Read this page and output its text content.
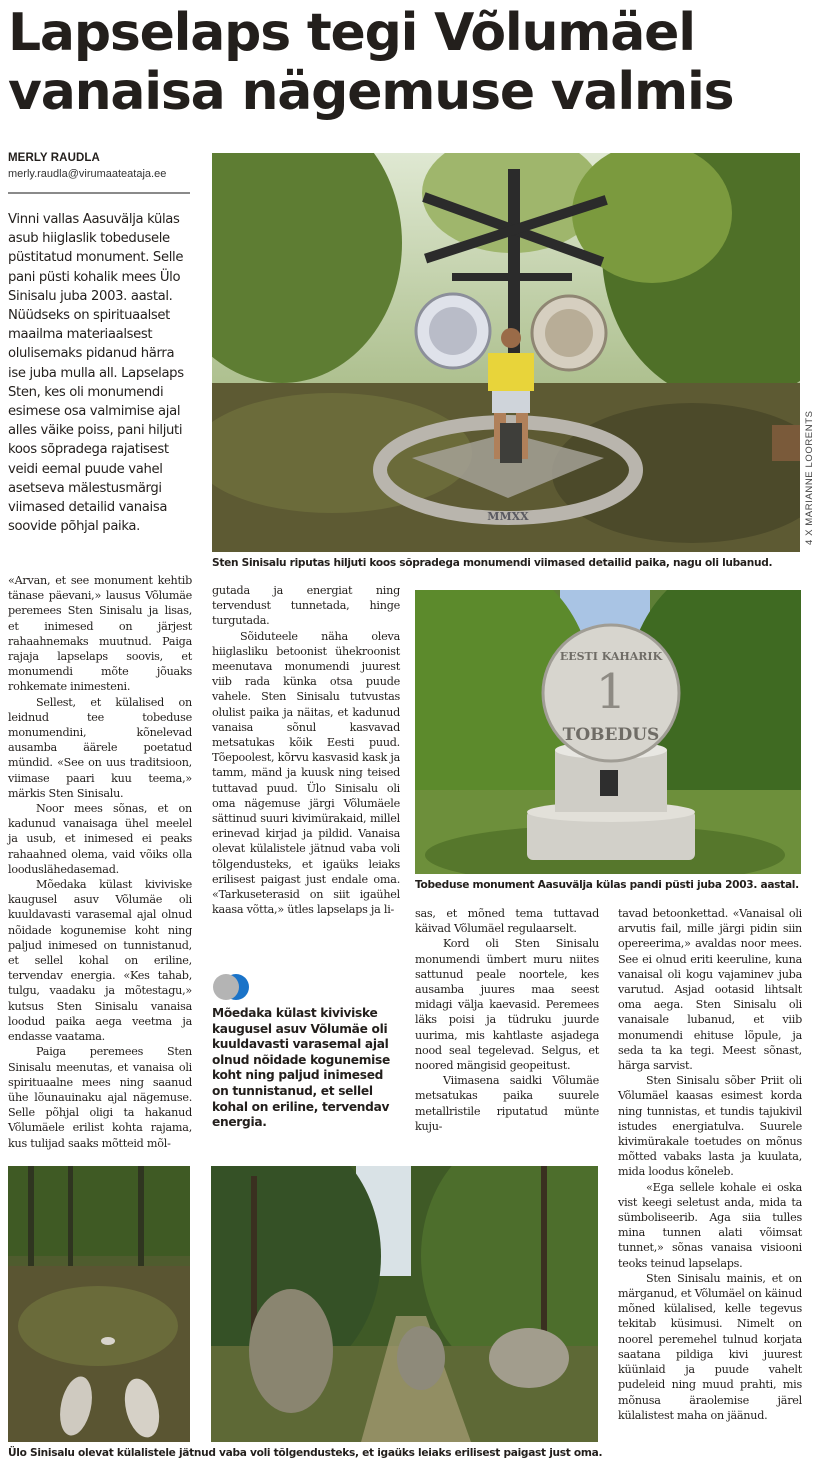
Lapselaps tegi Võlumäel
vanaisa nägemuse valmis
MERLY RAUDLA
merly.raudla@virumaateataja.ee
Vinni vallas Aasuvälja külas asub hiiglaslik tobedusele püstitatud monument. Selle pani püsti kohalik mees Ülo Sinisalu juba 2003. aastal. Nüüdseks on spirituaalset maailma materiaalsest olulisemaks pidanud härra ise juba mulla all. Lapselaps Sten, kes oli monumendi esimese osa valmimise ajal alles väike poiss, pani hiljuti koos sõpradega rajatisest veidi eemal puude vahel asetseva mälestusmärgi viimased detailid vanaisa soovide põhjal paika.
MMXX	4 X MARIANNE LOORENTS
Sten Sinisalu riputas hiljuti koos sõpradega monumendi viimased detailid paika, nagu oli lubanud.

«Arvan, et see monument kehtib tänase päevani,» lausus Võlumäe peremees Sten Sinisalu ja lisas, et inimesed on järjest rahaahnemaks muutnud. Paiga rajaja lapselaps soovis, et monumendi mõte jõuaks rohkemate inimesteni.

Sellest, et külalised on leidnud tee tobeduse monumendini, kõnelevad ausamba äärele poetatud mündid. «See on uus traditsioon, viimase paari kuu teema,» märkis Sten Sinisalu.

Noor mees sõnas, et on kadunud vanaisaga ühel meelel ja usub, et inimesed ei peaks rahaahned olema, vaid võiks olla looduslähedasemad.

Mõedaka külast kiviviske kaugusel asuv Võlumäe oli kuuldavasti varasemal ajal olnud nõidade kogunemise koht ning paljud inimesed on tunnistanud, et sellel kohal on eriline, tervendav energia. «Kes tahab, tulgu, vaadaku ja mõtestagu,» kutsus Sten Sinisalu vanaisa loodud paika aega veetma ja endasse vaatama.

Paiga peremees Sten Sinisalu meenutas, et vanaisa oli spirituaalne mees ning saanud ühe lõunauinaku ajal nägemuse. Selle põhjal oligi ta hakanud Võlumäele erilist kohta rajama, kus tulijad saaks mõtteid mõl-

gutada ja energiat ning tervendust tunnetada, hinge turgutada.

Sõiduteele näha oleva hiiglasliku betoonist ühekroonist meenutava monumendi juurest viib rada künka otsa puude vahele. Sten Sinisalu tutvustas olulist paika ja näitas, et kadunud vanaisa sõnul kasvavad metsatukas kõik Eesti puud. Tõepoolest, kõrvu kasvasid kask ja tamm, mänd ja kuusk ning teised tuttavad puud. Ülo Sinisalu oli oma nägemuse järgi Võlumäele sättinud suuri kivimürakaid, millel erinevad kirjad ja pildid. Vanaisa olevat külalistele jätnud vaba voli tõlgendusteks, et igaüks leiaks erilisest paigast just endale oma. «Tarkuseterasid on siit igaühel kaasa võtta,» ütles lapselaps ja li-

EESTI KAHARIK
1
TOBEDUS
Tobeduse monument Aasuvälja külas pandi püsti juba 2003. aastal.
Mõedaka külast kiviviske kaugusel asuv Võlumäe oli kuuldavasti varasemal ajal olnud nõidade kogunemise koht ning paljud inimesed on tunnistanud, et sellel kohal on eriline, tervendav energia.

sas, et mõned tema tuttavad käivad Võlumäel regulaarselt.

Kord oli Sten Sinisalu monumendi ümbert muru niites sattunud peale noortele, kes ausamba juures maa seest midagi välja kaevasid. Peremees läks poisi ja tüdruku juurde uurima, mis kahtlaste asjadega nood seal tegelevad. Selgus, et noored mängisid geopeitust.

Viimasena saidki Võlumäe metsatukas paika suurele metallristile riputatud münte kuju-

tavad betoonkettad. «Vanaisal oli arvutis fail, mille järgi pidin siin opereerima,» avaldas noor mees. See ei olnud eriti keeruline, kuna vanaisal oli kogu vajaminev juba varutud. Asjad ootasid lihtsalt oma aega. Sten Sinisalu oli vanaisale lubanud, et viib monumendi ehituse lõpule, ja seda ta ka tegi. Meest sõnast, härga sarvist.

Sten Sinisalu sõber Priit oli Võlumäel kaasas esimest korda ning tunnistas, et tundis tajukivil istudes energiatulva. Suurele kivimürakale toetudes on mõnus mõtted vabaks lasta ja kuulata, mida loodus kõneleb.

«Ega sellele kohale ei oska vist keegi seletust anda, mida ta sümboliseerib. Aga siia tulles mina tunnen alati võimsat tunnet,» sõnas vanaisa visiooni teoks teinud lapselaps.

Sten Sinisalu mainis, et on märganud, et Võlumäel on käinud mõned külalised, kelle tegevus tekitab küsimusi. Nimelt on noorel peremehel tulnud korjata saatana pildiga kivi juurest küünlaid ja puude vahelt pudeleid ning muud prahti, mis mõnusa äraolemise järel külalistest maha on jäänud.

Ülo Sinisalu olevat külalistele jätnud vaba voli tõlgendusteks, et igaüks leiaks erilisest paigast just oma.
